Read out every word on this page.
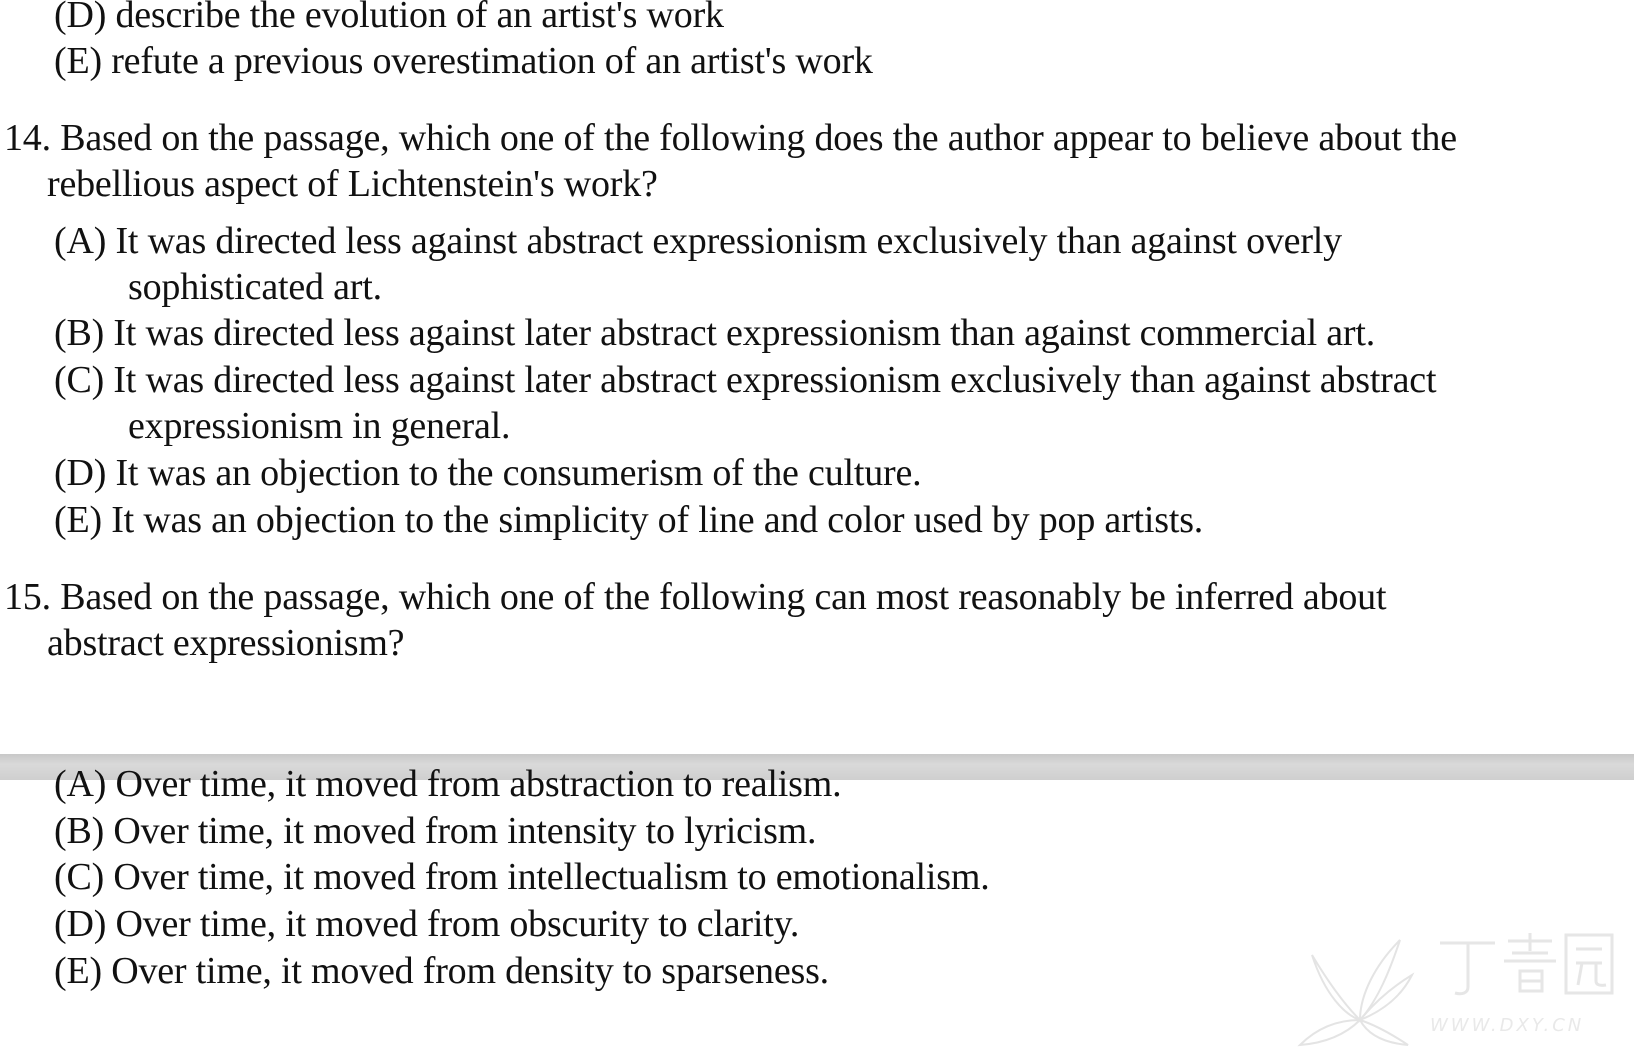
(D) describe the evolution of an artist's work
(E) refute a previous overestimation of an artist's work
14. Based on the passage, which one of the following does the author appear to believe about the
rebellious aspect of Lichtenstein's work?
(A) It was directed less against abstract expressionism exclusively than against overly
sophisticated art.
(B) It was directed less against later abstract expressionism than against commercial art.
(C) It was directed less against later abstract expressionism exclusively than against abstract
expressionism in general.
(D) It was an objection to the consumerism of the culture.
(E) It was an objection to the simplicity of line and color used by pop artists.
15. Based on the passage, which one of the following can most reasonably be inferred about
abstract expressionism?
(A) Over time, it moved from abstraction to realism.
(B) Over time, it moved from intensity to lyricism.
(C) Over time, it moved from intellectualism to emotionalism.
(D) Over time, it moved from obscurity to clarity.
(E) Over time, it moved from density to sparseness.
WWW.DXY.CN
